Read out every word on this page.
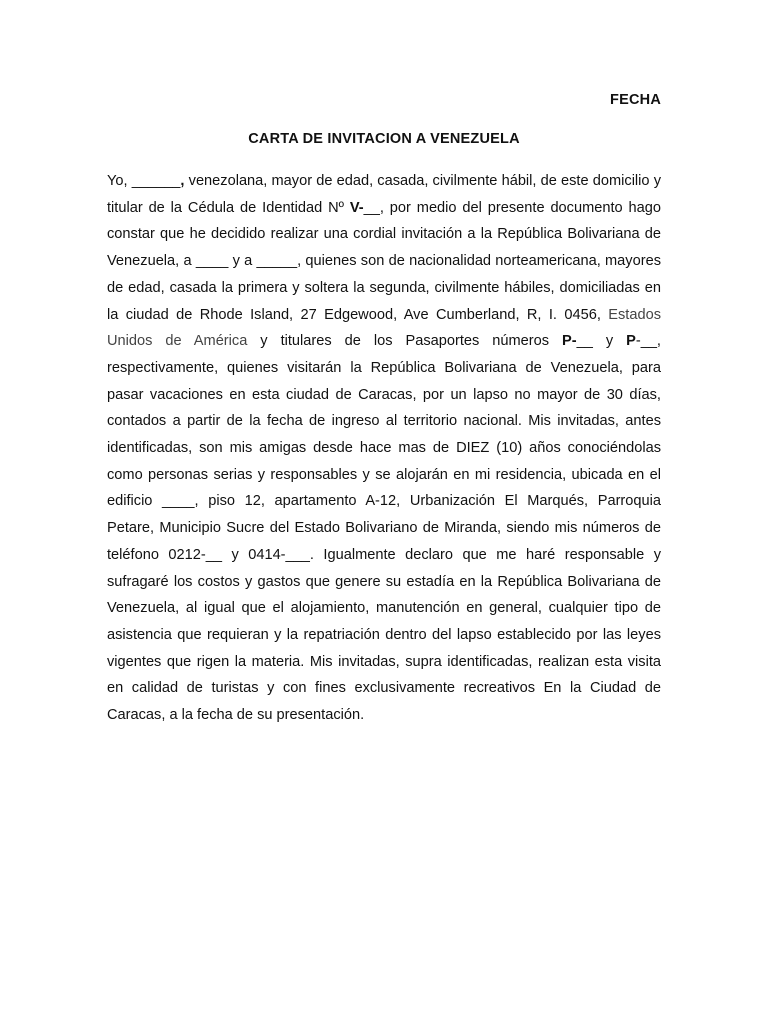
FECHA
CARTA DE INVITACION A VENEZUELA

Yo, ______, venezolana, mayor de edad, casada, civilmente hábil, de este domicilio y titular de la Cédula de Identidad Nº V-__, por medio del presente documento hago constar que he decidido realizar una cordial invitación a la República Bolivariana de Venezuela, a ____ y a _____, quienes son de nacionalidad norteamericana, mayores de edad, casada la primera y soltera la segunda, civilmente hábiles, domiciliadas en la ciudad de Rhode Island, 27 Edgewood, Ave Cumberland, R, I. 0456, Estados Unidos de América y titulares de los Pasaportes números P-__ y P-__, respectivamente, quienes visitarán la República Bolivariana de Venezuela, para pasar vacaciones en esta ciudad de Caracas, por un lapso no mayor de 30 días, contados a partir de la fecha de ingreso al territorio nacional. Mis invitadas, antes identificadas, son mis amigas desde hace mas de DIEZ (10) años conociéndolas como personas serias y responsables y se alojarán en mi residencia, ubicada en el edificio ____, piso 12, apartamento A-12, Urbanización El Marqués, Parroquia Petare, Municipio Sucre del Estado Bolivariano de Miranda, siendo mis números de teléfono 0212-__ y 0414-___. Igualmente declaro que me haré responsable y sufragaré los costos y gastos que genere su estadía en la República Bolivariana de Venezuela, al igual que el alojamiento, manutención en general, cualquier tipo de asistencia que requieran y la repatriación dentro del lapso establecido por las leyes vigentes que rigen la materia. Mis invitadas, supra identificadas, realizan esta visita en calidad de turistas y con fines exclusivamente recreativos En la Ciudad de Caracas, a la fecha de su presentación.
